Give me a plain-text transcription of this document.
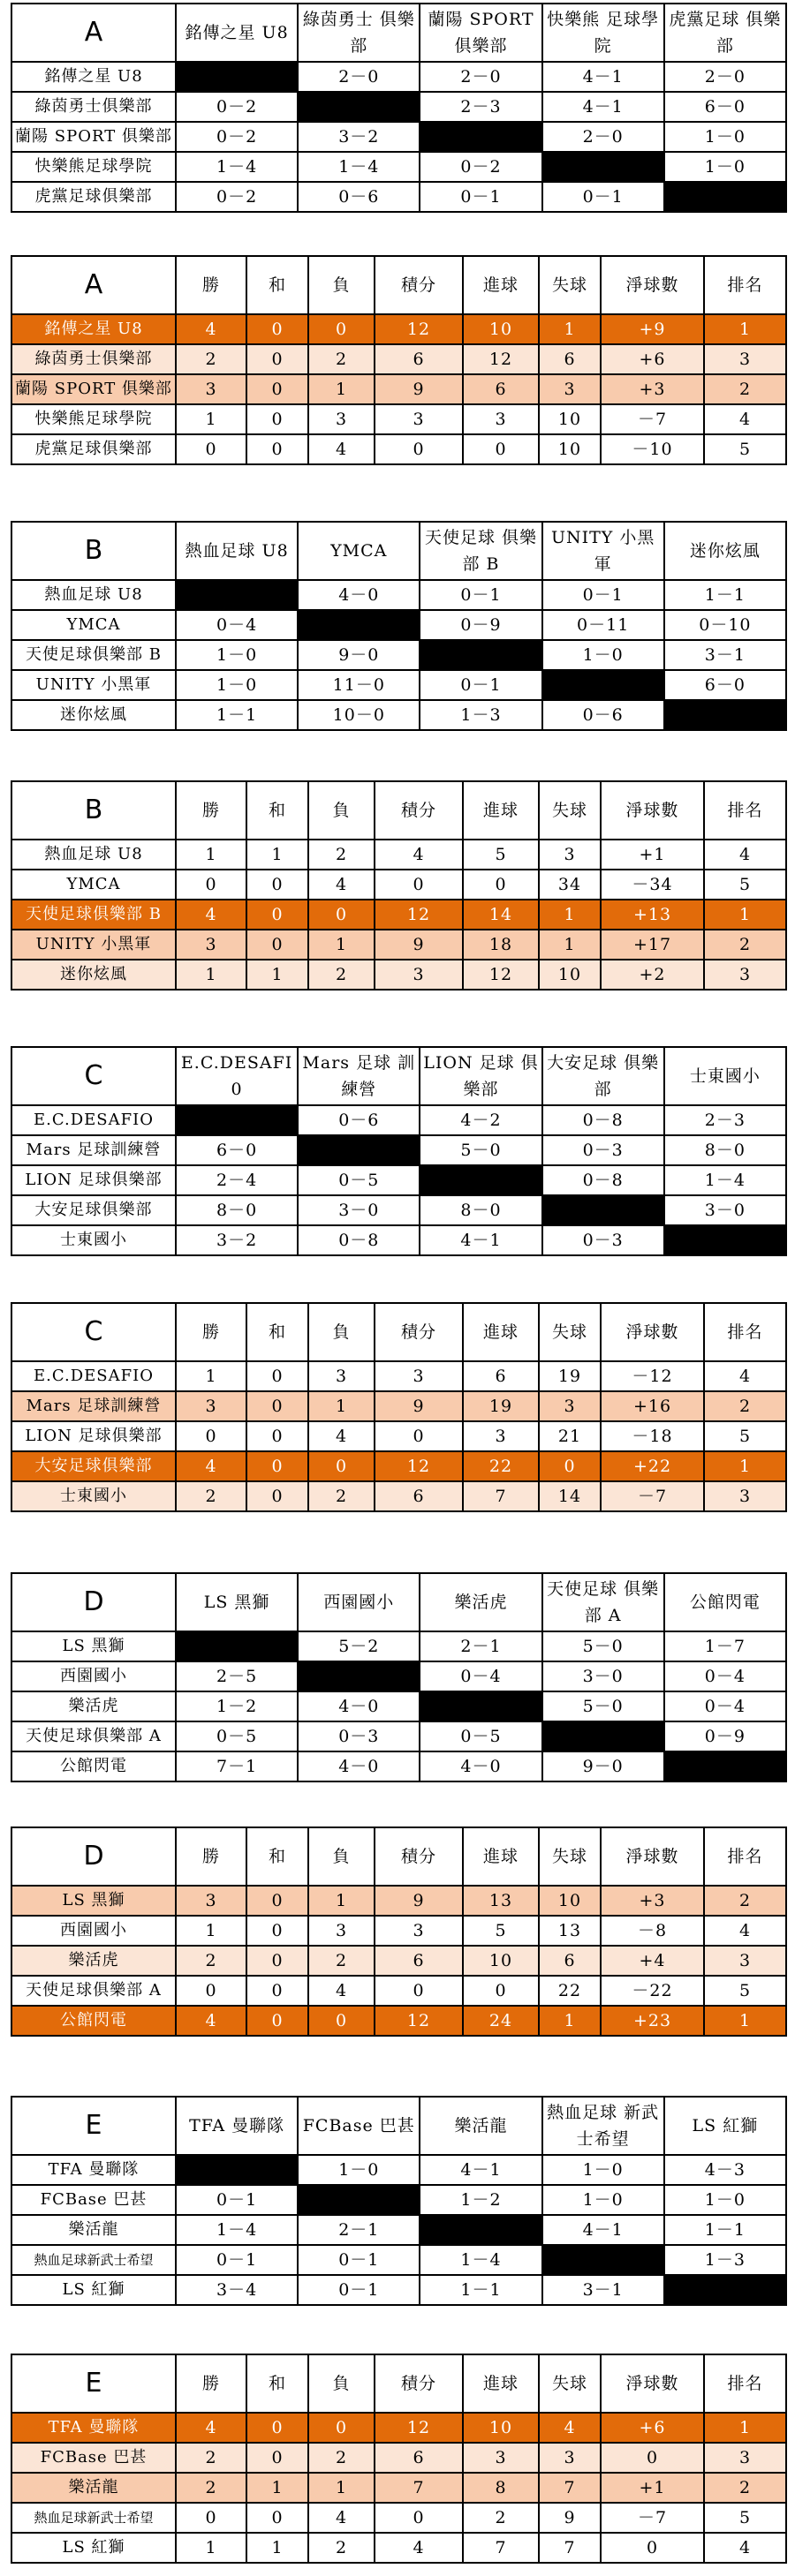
A	銘傳之星 U8	綠茵勇士 俱樂部	蘭陽 SPORT 俱樂部	快樂熊 足球學院	虎黨足球 俱樂部
銘傳之星 U8		2－0	2－0	4－1	2－0
綠茵勇士俱樂部	0－2		2－3	4－1	6－0
蘭陽 SPORT 俱樂部	0－2	3－2		2－0	1－0
快樂熊足球學院	1－4	1－4	0－2		1－0
虎黨足球俱樂部	0－2	0－6	0－1	0－1	
A	勝	和	負	積分	進球	失球	淨球數	排名
銘傳之星 U8	4	0	0	12	10	1	+9	1
綠茵勇士俱樂部	2	0	2	6	12	6	+6	3
蘭陽 SPORT 俱樂部	3	0	1	9	6	3	+3	2
快樂熊足球學院	1	0	3	3	3	10	－7	4
虎黨足球俱樂部	0	0	4	0	0	10	－10	5
B	熱血足球 U8	YMCA	天使足球 俱樂部 B	UNITY 小黑軍	迷你炫風
熱血足球 U8		4－0	0－1	0－1	1－1
YMCA	0－4		0－9	0－11	0－10
天使足球俱樂部 B	1－0	9－0		1－0	3－1
UNITY 小黑軍	1－0	11－0	0－1		6－0
迷你炫風	1－1	10－0	1－3	0－6	
B	勝	和	負	積分	進球	失球	淨球數	排名
熱血足球 U8	1	1	2	4	5	3	+1	4
YMCA	0	0	4	0	0	34	－34	5
天使足球俱樂部 B	4	0	0	12	14	1	+13	1
UNITY 小黑軍	3	0	1	9	18	1	+17	2
迷你炫風	1	1	2	3	12	10	+2	3
C	E.C.DESAFI 0	Mars 足球 訓練營	LION 足球 俱樂部	大安足球 俱樂部	士東國小
E.C.DESAFIO		0－6	4－2	0－8	2－3
Mars 足球訓練營	6－0		5－0	0－3	8－0
LION 足球俱樂部	2－4	0－5		0－8	1－4
大安足球俱樂部	8－0	3－0	8－0		3－0
士東國小	3－2	0－8	4－1	0－3	
C	勝	和	負	積分	進球	失球	淨球數	排名
E.C.DESAFIO	1	0	3	3	6	19	－12	4
Mars 足球訓練營	3	0	1	9	19	3	+16	2
LION 足球俱樂部	0	0	4	0	3	21	－18	5
大安足球俱樂部	4	0	0	12	22	0	+22	1
士東國小	2	0	2	6	7	14	－7	3
D	LS 黑獅	西園國小	樂活虎	天使足球 俱樂部 A	公館閃電
LS 黑獅		5－2	2－1	5－0	1－7
西園國小	2－5		0－4	3－0	0－4
樂活虎	1－2	4－0		5－0	0－4
天使足球俱樂部 A	0－5	0－3	0－5		0－9
公館閃電	7－1	4－0	4－0	9－0	
D	勝	和	負	積分	進球	失球	淨球數	排名
LS 黑獅	3	0	1	9	13	10	+3	2
西園國小	1	0	3	3	5	13	－8	4
樂活虎	2	0	2	6	10	6	+4	3
天使足球俱樂部 A	0	0	4	0	0	22	－22	5
公館閃電	4	0	0	12	24	1	+23	1
E	TFA 曼聯隊	FCBase 巴甚	樂活龍	熱血足球 新武士希望	LS 紅獅
TFA 曼聯隊		1－0	4－1	1－0	4－3
FCBase 巴甚	0－1		1－2	1－0	1－0
樂活龍	1－4	2－1		4－1	1－1
熱血足球新武士希望	0－1	0－1	1－4		1－3
LS 紅獅	3－4	0－1	1－1	3－1	
E	勝	和	負	積分	進球	失球	淨球數	排名
TFA 曼聯隊	4	0	0	12	10	4	+6	1
FCBase 巴甚	2	0	2	6	3	3	0	3
樂活龍	2	1	1	7	8	7	+1	2
熱血足球新武士希望	0	0	4	0	2	9	－7	5
LS 紅獅	1	1	2	4	7	7	0	4
